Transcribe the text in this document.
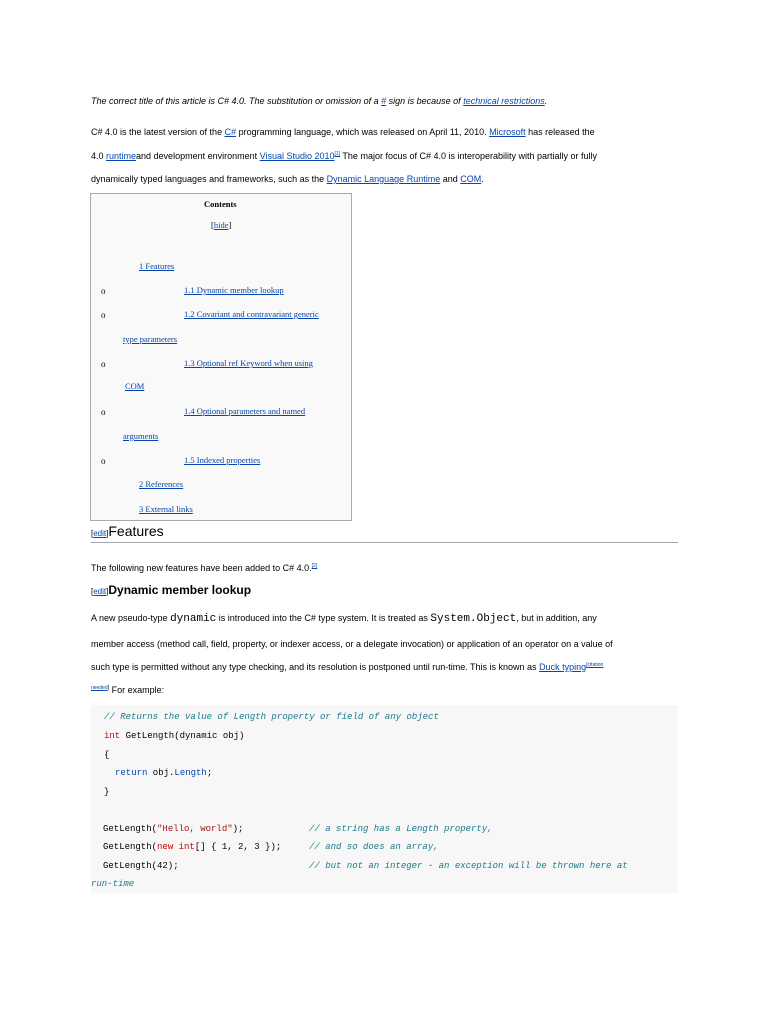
The correct title of this article is C# 4.0. The substitution or omission of a # sign is because of technical restrictions.
C# 4.0 is the latest version of the C# programming language, which was released on April 11, 2010. Microsoft has released the
4.0 runtimeand development environment Visual Studio 2010[1] The major focus of C# 4.0 is interoperability with partially or fully
dynamically typed languages and frameworks, such as the Dynamic Language Runtime and COM.
Contents
[hide]
1 Features
o	1.1 Dynamic member lookup
o	1.2 Covariant and contravariant generic
type parameters
o	1.3 Optional ref Keyword when using
COM
o	1.4 Optional parameters and named
arguments
o	1.5 Indexed properties
2 References
3 External links
[edit]Features
The following new features have been added to C# 4.0.[2]
[edit]Dynamic member lookup
A new pseudo-type dynamic is introduced into the C# type system. It is treated as System.Object, but in addition, any
member access (method call, field, property, or indexer access, or a delegate invocation) or application of an operator on a value of
such type is permitted without any type checking, and its resolution is postponed until run-time. This is known as Duck typing$^{[citation}$
$^{needed]}$ For example:
// Returns the value of Length property or field of any object
int GetLength(dynamic obj)
{
return obj.Length;
}
GetLength("Hello, world");	// a string has a Length property,
GetLength(new int[] { 1, 2, 3 });	// and so does an array,
GetLength(42);	// but not an integer - an exception will be thrown here at
run-time
